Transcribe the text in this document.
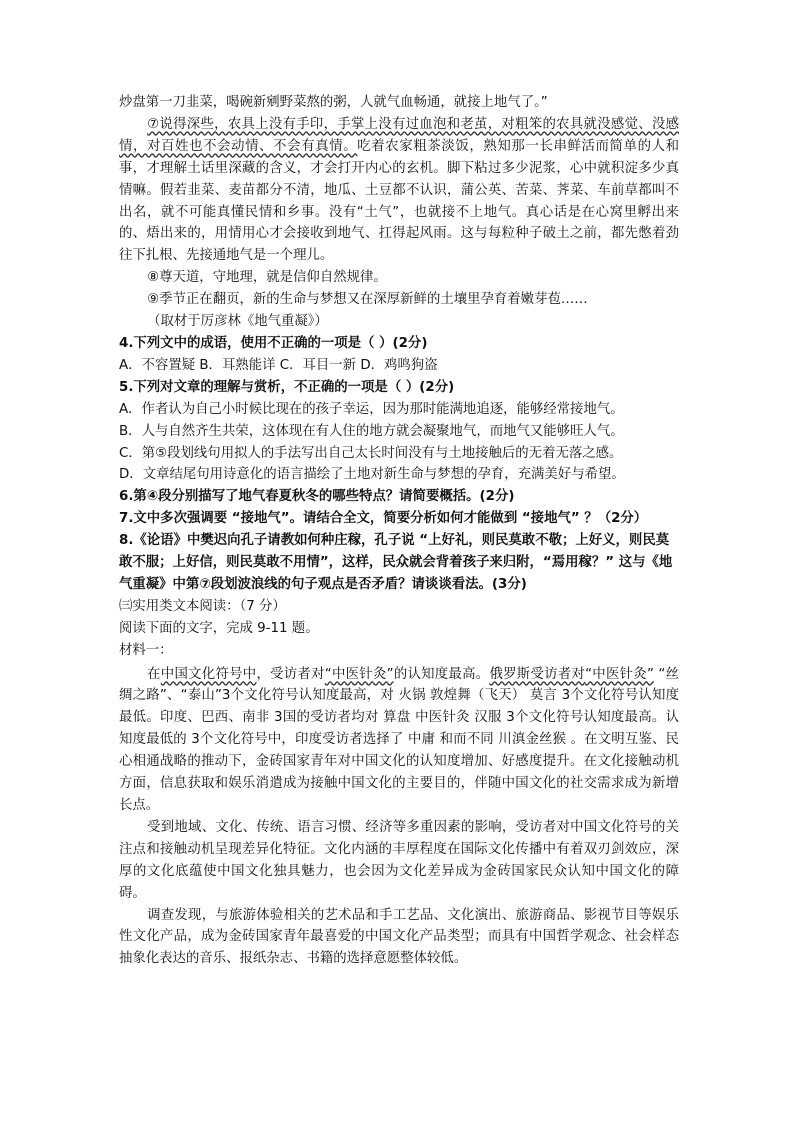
炒盘第一刀韭菜，喝碗新剜野菜熬的粥，人就气血畅通，就接上地气了。”

⑦说得深些，农具上没有手印，手掌上没有过血泡和老茧，对粗笨的农具就没感觉、没感情，对百姓也不会动情、不会有真情。吃着农家粗茶淡饭，熟知那一长串鲜活而简单的人和事，才理解土话里深藏的含义，才会打开内心的玄机。脚下粘过多少泥浆，心中就积淀多少真情嘛。假若韭菜、麦苗都分不清，地瓜、土豆都不认识，蒲公英、苦菜、荠菜、车前草都叫不出名，就不可能真懂民情和乡事。没有“土气”，也就接不上地气。真心话是在心窝里孵出来的、焐出来的，用情用心才会接收到地气、扛得起风雨。这与每粒种子破土之前，都先憋着劲往下扎根、先接通地气是一个理儿。

⑧尊天道，守地理，就是信仰自然规律。

⑨季节正在翻页，新的生命与梦想又在深厚新鲜的土壤里孕育着嫩芽苞……

（取材于厉彦林《地气重凝》）

4.下列文中的成语，使用不正确的一项是（ ）(2分)

A．不容置疑 B．耳熟能详 C．耳目一新 D．鸡鸣狗盗

5.下列对文章的理解与赏析，不正确的一项是（ ）(2分)

A．作者认为自己小时候比现在的孩子幸运，因为那时能满地追逐，能够经常接地气。

B．人与自然齐生共荣，这体现在有人住的地方就会凝聚地气，而地气又能够旺人气。

C．第⑤段划线句用拟人的手法写出自己太长时间没有与土地接触后的无着无落之感。

D．文章结尾句用诗意化的语言描绘了土地对新生命与梦想的孕育，充满美好与希望。

6.第④段分别描写了地气春夏秋冬的哪些特点？请简要概括。(2分)

7.文中多次强调要 “接地气”。请结合全文，简要分析如何才能做到 “接地气” ？（2分）

8.《论语》中樊迟向孔子请教如何种庄稼，孔子说 “上好礼，则民莫敢不敬；上好义，则民莫敢不服；上好信，则民莫敢不用情”，这样，民众就会背着孩子来归附，“焉用稼？” 这与《地气重凝》中第⑦段划波浪线的句子观点是否矛盾？请谈谈看法。(3分)

㈢实用类文本阅读：（7 分）

阅读下面的文字，完成 9-11 题。

材料一：

在中国文化符号中，受访者对“中医针灸”的认知度最高。俄罗斯受访者对“中医针灸” “丝绸之路”、“泰山”3个文化符号认知度最高，对 火锅 敦煌舞（飞天） 莫言 3个文化符号认知度最低。印度、巴西、南非 3国的受访者均对 算盘 中医针灸 汉服 3个文化符号认知度最高。认知度最低的 3个文化符号中，印度受访者选择了 中庸 和而不同 川滇金丝猴 。在文明互鉴、民心相通战略的推动下，金砖国家青年对中国文化的认知度增加、好感度提升。在文化接触动机方面，信息获取和娱乐消遣成为接触中国文化的主要目的，伴随中国文化的社交需求成为新增长点。

受到地域、文化、传统、语言习惯、经济等多重因素的影响，受访者对中国文化符号的关注点和接触动机呈现差异化特征。文化内涵的丰厚程度在国际文化传播中有着双刃剑效应，深厚的文化底蕴使中国文化独具魅力，也会因为文化差异成为金砖国家民众认知中国文化的障碍。

调查发现，与旅游体验相关的艺术品和手工艺品、文化演出、旅游商品、影视节目等娱乐性文化产品，成为金砖国家青年最喜爱的中国文化产品类型；而具有中国哲学观念、社会样态抽象化表达的音乐、报纸杂志、书籍的选择意愿整体较低。
